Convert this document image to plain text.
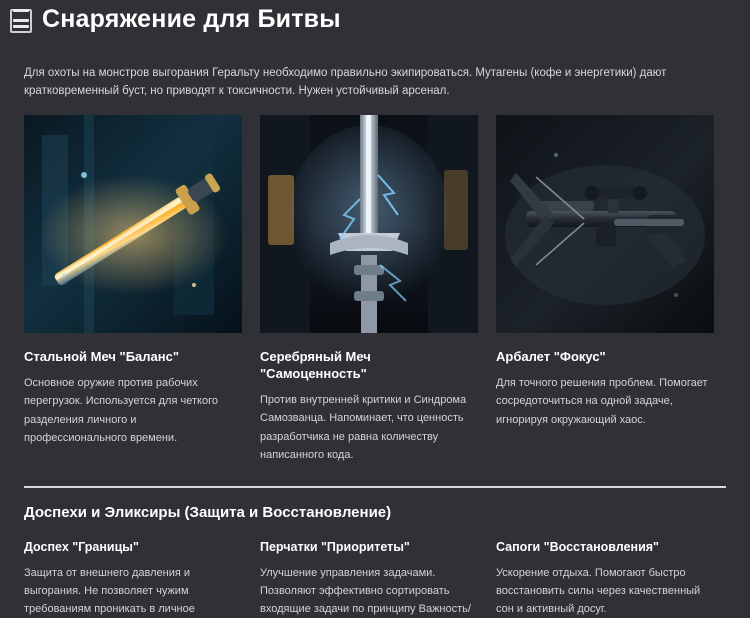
Снаряжение для Битвы
Для охоты на монстров выгорания Геральту необходимо правильно экипироваться. Мутагены (кофе и энергетики) дают кратковременный буст, но приводят к токсичности. Нужен устойчивый арсенал.
Стальной Меч "Баланс"
Основное оружие против рабочих перегрузок. Используется для четкого разделения личного и профессионального времени.
Серебряный Меч "Самоценность"
Против внутренней критики и Синдрома Самозванца. Напоминает, что ценность разработчика не равна количеству написанного кода.
Арбалет "Фокус"
Для точного решения проблем. Помогает сосредоточиться на одной задаче, игнорируя окружающий хаос.
Доспехи и Эликсиры (Защита и Восстановление)
Доспех "Границы"
Защита от внешнего давления и выгорания. Не позволяет чужим требованиям проникать в личное
Перчатки "Приоритеты"
Улучшение управления задачами. Позволяют эффективно сортировать входящие задачи по принципу Важность/
Сапоги "Восстановления"
Ускорение отдыха. Помогают быстро восстановить силы через качественный сон и активный досуг.
